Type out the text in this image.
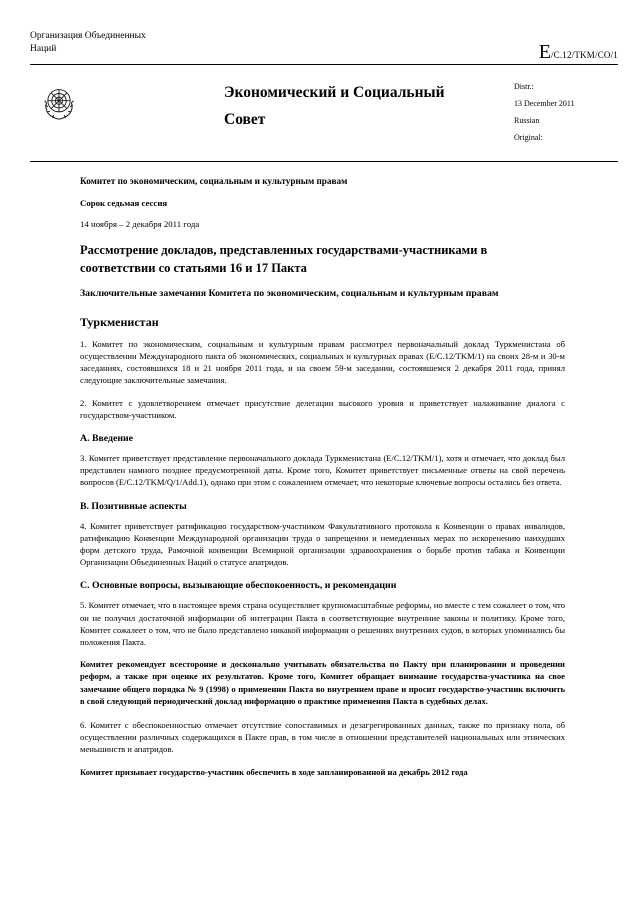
Организация Объединенных
Наций	E/C.12/TKM/CO/1
Экономический и Социальный
Совет
Distr.:
13 December 2011
Russian
Original:
Комитет по экономическим, социальным и культурным правам
Сорок седьмая сессия
14 ноября – 2 декабря 2011 года
Рассмотрение докладов, представленных государствами-участниками в соответствии со статьями 16 и 17 Пакта
Заключительные замечания Комитета по экономическим, социальным и культурным правам
Туркменистан

1. Комитет по экономическим, социальным и культурным правам рассмотрел первоначальный доклад Туркменистана об осуществлении Международного пакта об экономических, социальных и культурных правах (E/C.12/TKM/1) на своих 28-м и 30-м заседаниях, состоявшихся 18 и 21 ноября 2011 года, и на своем 59-м заседании, состоявшемся 2 декабря 2011 года, принял следующие заключительные замечания.

2. Комитет с удовлетворением отмечает присутствие делегации высокого уровня и приветствует налаживание диалога с государством-участником.

A. Введение

3. Комитет приветствует представление первоначального доклада Туркменистана (E/C.12/TKM/1), хотя и отмечает, что доклад был представлен намного позднее предусмотренной даты. Кроме того, Комитет приветствует письменные ответы на свой перечень вопросов (E/C.12/TKM/Q/1/Add.1), однако при этом с сожалением отмечает, что некоторые ключевые вопросы остались без ответа.

B. Позитивные аспекты

4. Комитет приветствует ратификацию государством-участником Факультативного протокола к Конвенции о правах инвалидов, ратификацию Конвенции Международной организации труда о запрещении и немедленных мерах по искоренению наихудших форм детского труда, Рамочной конвенции Всемирной организации здравоохранения о борьбе против табака и Конвенции Организации Объединенных Наций о статусе апатридов.

C. Основные вопросы, вызывающие обеспокоенность, и рекомендации

5. Комитет отмечает, что в настоящее время страна осуществляет крупномасштабные реформы, но вместе с тем сожалеет о том, что он не получил достаточной информации об интеграции Пакта в соответствующие внутренние законы и политику. Кроме того, Комитет сожалеет о том, что не было представлено никакой информации о решениях внутренних судов, в которых упоминались бы положения Пакта.

Комитет рекомендует всесторонне и досконально учитывать обязательства по Пакту при планировании и проведении реформ, а также при оценке их результатов. Кроме того, Комитет обращает внимание государства-участника на свое замечание общего порядка № 9 (1998) о применении Пакта во внутреннем праве и просит государство-участник включить в свой следующий периодический доклад информацию о практике применения Пакта в судебных делах.

6. Комитет с обеспокоенностью отмечает отсутствие сопоставимых и дезагрегированных данных, также по признаку пола, об осуществлении различных содержащихся в Пакте прав, в том числе в отношении представителей национальных или этнических меньшинств и апатридов.

Комитет призывает государство-участник обеспечить в ходе запланированной на декабрь 2012 года
